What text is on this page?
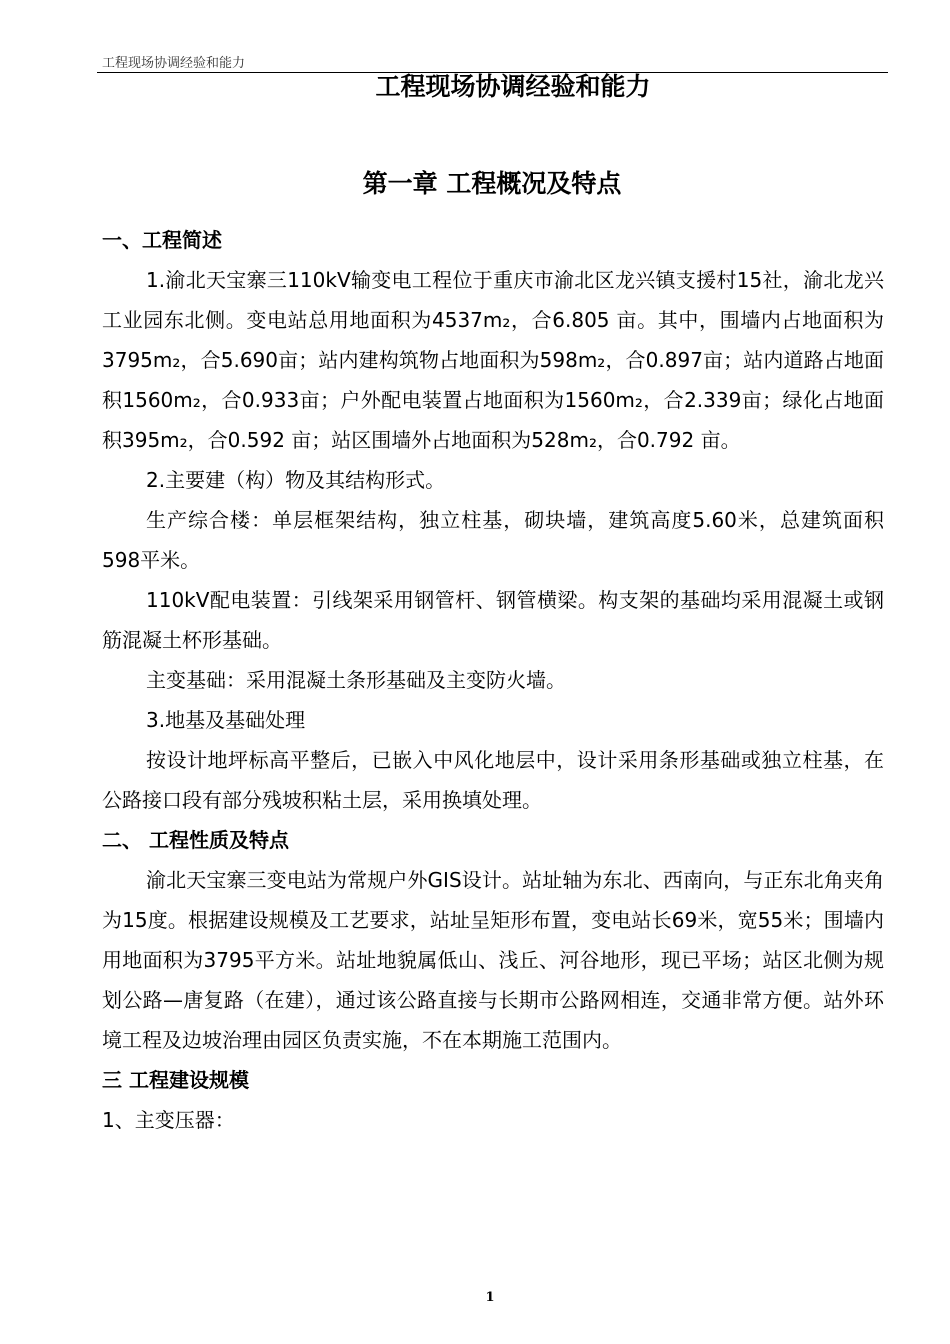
工程现场协调经验和能力
工程现场协调经验和能力
第一章 工程概况及特点

一、工程简述

1.渝北天宝寨三110kV输变电工程位于重庆市渝北区龙兴镇支援村15社，渝北龙兴工业园东北侧。变电站总用地面积为4537m₂，合6.805 亩。其中，围墙内占地面积为3795m₂，合5.690亩；站内建构筑物占地面积为598m₂，合0.897亩；站内道路占地面积1560m₂，合0.933亩；户外配电装置占地面积为1560m₂，合2.339亩；绿化占地面积395m₂，合0.592 亩；站区围墙外占地面积为528m₂，合0.792 亩。

2.主要建（构）物及其结构形式。

生产综合楼：单层框架结构，独立柱基，砌块墙，建筑高度5.60米，总建筑面积598平米。

110kV配电装置：引线架采用钢管杆、钢管横梁。构支架的基础均采用混凝土或钢筋混凝土杯形基础。

主变基础：采用混凝土条形基础及主变防火墙。

3.地基及基础处理

按设计地坪标高平整后，已嵌入中风化地层中，设计采用条形基础或独立柱基，在公路接口段有部分残坡积粘土层，采用换填处理。

二、 工程性质及特点

渝北天宝寨三变电站为常规户外GIS设计。站址轴为东北、西南向，与正东北角夹角为15度。根据建设规模及工艺要求，站址呈矩形布置，变电站长69米，宽55米；围墙内用地面积为3795平方米。站址地貌属低山、浅丘、河谷地形，现已平场；站区北侧为规划公路—唐复路（在建），通过该公路直接与长期市公路网相连，交通非常方便。站外环境工程及边坡治理由园区负责实施，不在本期施工范围内。

三 工程建设规模

1、主变压器：

1
